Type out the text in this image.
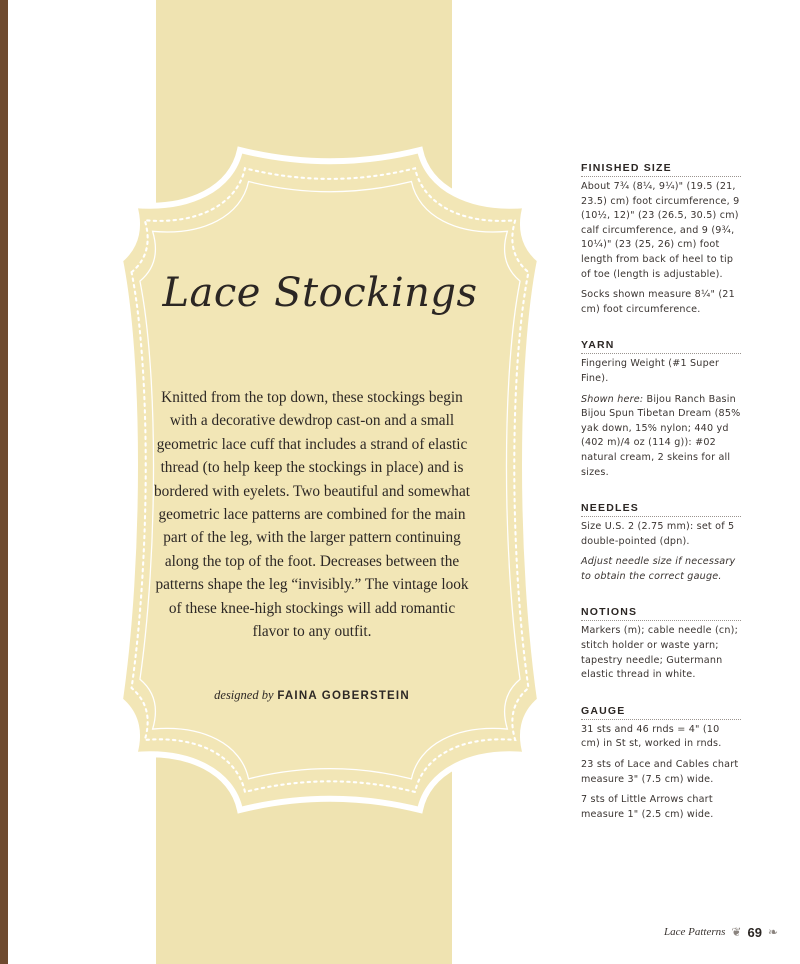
Lace Stockings
Knitted from the top down, these stockings begin with a decorative dewdrop cast-on and a small geometric lace cuff that includes a strand of elastic thread (to help keep the stockings in place) and is bordered with eyelets. Two beautiful and somewhat geometric lace patterns are combined for the main part of the leg, with the larger pattern continuing along the top of the foot. Decreases between the patterns shape the leg “invisibly.” The vintage look of these knee-high stockings will add romantic flavor to any outfit.
designed by FAINA GOBERSTEIN
FINISHED SIZE
About 7¾ (8¼, 9¼)" (19.5 (21, 23.5) cm) foot circumference, 9 (10½, 12)" (23 (26.5, 30.5) cm) calf circumference, and 9 (9¾, 10¼)" (23 (25, 26) cm) foot length from back of heel to tip of toe (length is adjustable).
Socks shown measure 8¼" (21 cm) foot circumference.
YARN
Fingering Weight (#1 Super Fine).
Shown here: Bijou Ranch Basin Bijou Spun Tibetan Dream (85% yak down, 15% nylon; 440 yd (402 m)/4 oz (114 g)): #02 natural cream, 2 skeins for all sizes.
NEEDLES
Size U.S. 2 (2.75 mm): set of 5 double-pointed (dpn).
Adjust needle size if necessary to obtain the correct gauge.
NOTIONS
Markers (m); cable needle (cn); stitch holder or waste yarn; tapestry needle; Gutermann elastic thread in white.
GAUGE
31 sts and 46 rnds = 4" (10 cm) in St st, worked in rnds.
23 sts of Lace and Cables chart measure 3" (7.5 cm) wide.
7 sts of Little Arrows chart measure 1" (2.5 cm) wide.
Lace Patterns ❦ 69 ❧
